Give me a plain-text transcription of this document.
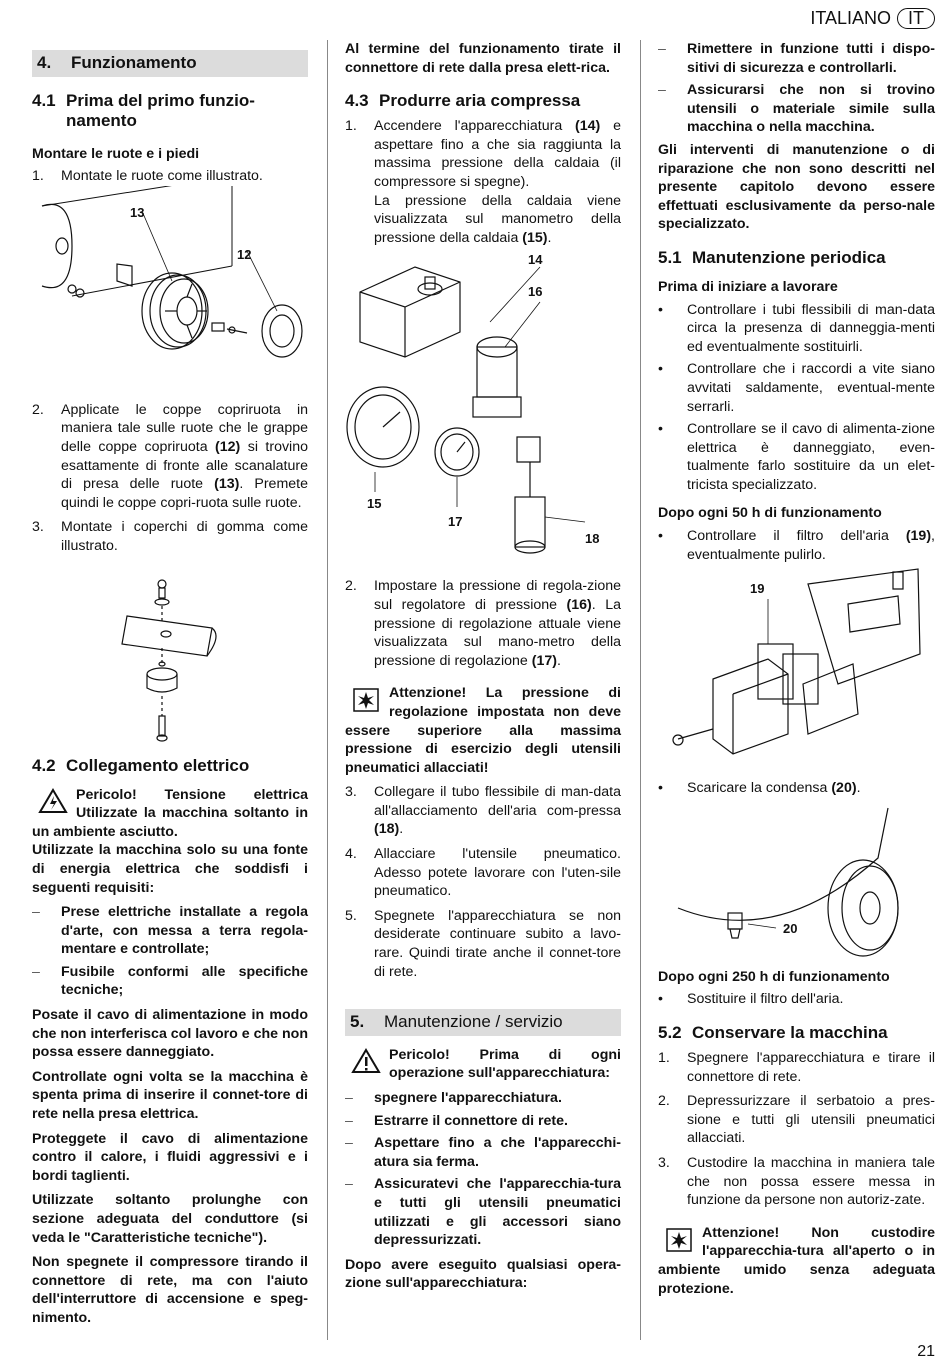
ITALIANO IT
4. Funzionamento
4.1 Prima del primo funzio-namento
Montare le ruote e i piedi
1.	Montate le ruote come illustrato.
13
12
2.	Applicate le coppe copriruota in maniera tale sulle ruote che le grappe delle coppe copriruota (12) si trovino esattamente di fronte alle scanalature di presa delle ruote (13). Premete quindi le coppe copri-ruota sulle ruote.
3.	Montate i coperchi di gomma come illustrato.
4.2 Collegamento elettrico
Pericolo! Tensione elettrica Utilizzate la macchina soltanto in un ambiente asciutto.
Utilizzate la macchina solo su una fonte di energia elettrica che soddisfi i seguenti requisiti:
–	Prese elettriche installate a regola d'arte, con messa a terra regola-mentare e controllate;
–	Fusibile conformi alle specifiche tecniche;
Posate il cavo di alimentazione in modo che non interferisca col lavoro e che non possa essere danneggiato.
Controllate ogni volta se la macchina è spenta prima di inserire il connet-tore di rete nella presa elettrica.
Proteggete il cavo di alimentazione contro il calore, i fluidi aggressivi e i bordi taglienti.
Utilizzate soltanto prolunghe con sezione adeguata del conduttore (si veda le "Caratteristiche tecniche").
Non spegnete il compressore tirando il connettore di rete, ma con l'aiuto dell'interruttore di accensione e speg-nimento.
Al termine del funzionamento tirate il connettore di rete dalla presa elett-rica.
4.3 Produrre aria compressa
1.	Accendere l'apparecchiatura (14) e aspettare fino a che sia raggiunta la massima pressione della caldaia (il compressore si spegne).
La pressione della caldaia viene visualizzata sul manometro della pressione della caldaia (15).
14
16
15
17
18
2.	Impostare la pressione di regola-zione sul regolatore di pressione (16). La pressione di regolazione attuale viene visualizzata sul mano-metro della pressione di regolazione (17).
Attenzione! La pressione di regolazione impostata non deve essere superiore alla massima pressione di esercizio degli utensili pneumatici allacciati!
3.	Collegare il tubo flessibile di man-data all'allacciamento dell'aria com-pressa (18).
4.	Allacciare l'utensile pneumatico. Adesso potete lavorare con l'uten-sile pneumatico.
5.	Spegnete l'apparecchiatura se non desiderate continuare subito a lavo-rare. Quindi tirate anche il connet-tore di rete.
5. Manutenzione / servizio
Pericolo! Prima di ogni operazione sull'apparecchiatura:
–	spegnere l'apparecchiatura.
–	Estrarre il connettore di rete.
–	Aspettare fino a che l'apparecchi-atura sia ferma.
–	Assicuratevi che l'apparecchia-tura e tutti gli utensili pneumatici utilizzati e gli accessori siano depressurizzati.
Dopo avere eseguito qualsiasi opera-zione sull'apparecchiatura:
–	Rimettere in funzione tutti i dispo-sitivi di sicurezza e controllarli.
–	Assicurarsi che non si trovino utensili o materiale simile sulla macchina o nella macchina.
Gli interventi di manutenzione o di riparazione che non sono descritti nel presente capitolo devono essere effettuati esclusivamente da perso-nale specializzato.
5.1 Manutenzione periodica
Prima di iniziare a lavorare
•	Controllare i tubi flessibili di man-data circa la presenza di danneggia-menti ed eventualmente sostituirli.
•	Controllare che i raccordi a vite siano avvitati saldamente, eventual-mente serrarli.
•	Controllare se il cavo di alimenta-zione elettrica è danneggiato, even-tualmente farlo sostituire da un elet-tricista specializzato.
Dopo ogni 50 h di funzionamento
•	Controllare il filtro dell'aria (19), eventualmente pulirlo.
19
•	Scaricare la condensa (20).
20
Dopo ogni 250 h di funzionamento
•	Sostituire il filtro dell'aria.
5.2 Conservare la macchina
1.	Spegnere l'apparecchiatura e tirare il connettore di rete.
2.	Depressurizzare il serbatoio a pres-sione e tutti gli utensili pneumatici allacciati.
3.	Custodire la macchina in maniera tale che non possa essere messa in funzione da persone non autoriz-zate.
Attenzione! Non custodire l'apparecchia-tura all'aperto o in ambiente umido senza adeguata protezione.
21
